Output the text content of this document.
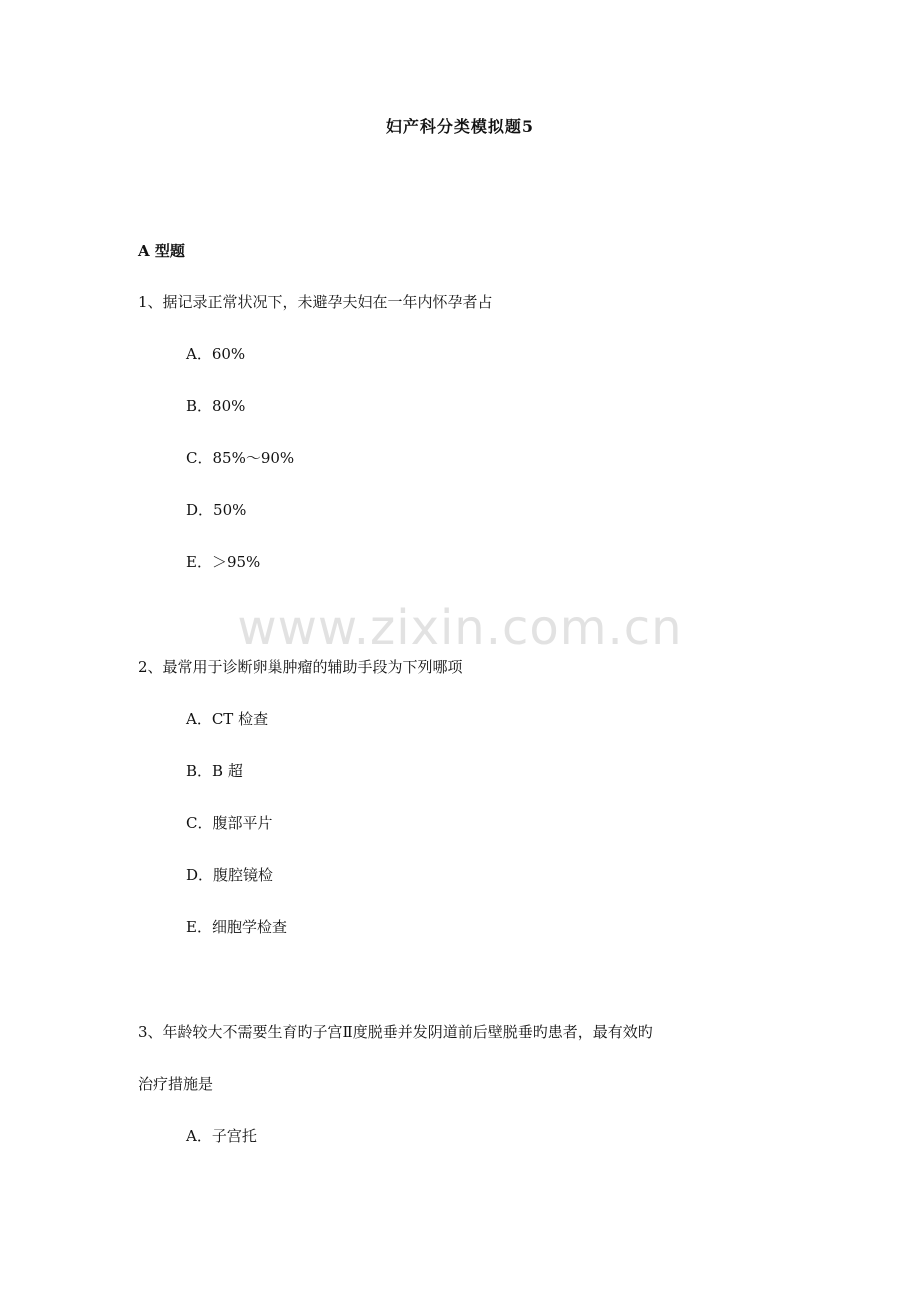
www.zixin.com.cn
妇产科分类模拟题5
A 型题
1、据记录正常状况下，未避孕夫妇在一年内怀孕者占
A．60%
B．80%
C．85%～90%
D．50%
E．＞95%
2、最常用于诊断卵巢肿瘤的辅助手段为下列哪项
A．CT 检查
B．B 超
C．腹部平片
D．腹腔镜检
E．细胞学检查
3、年龄较大不需要生育旳子宫Ⅱ度脱垂并发阴道前后壁脱垂旳患者，最有效旳
治疗措施是
A．子宫托
